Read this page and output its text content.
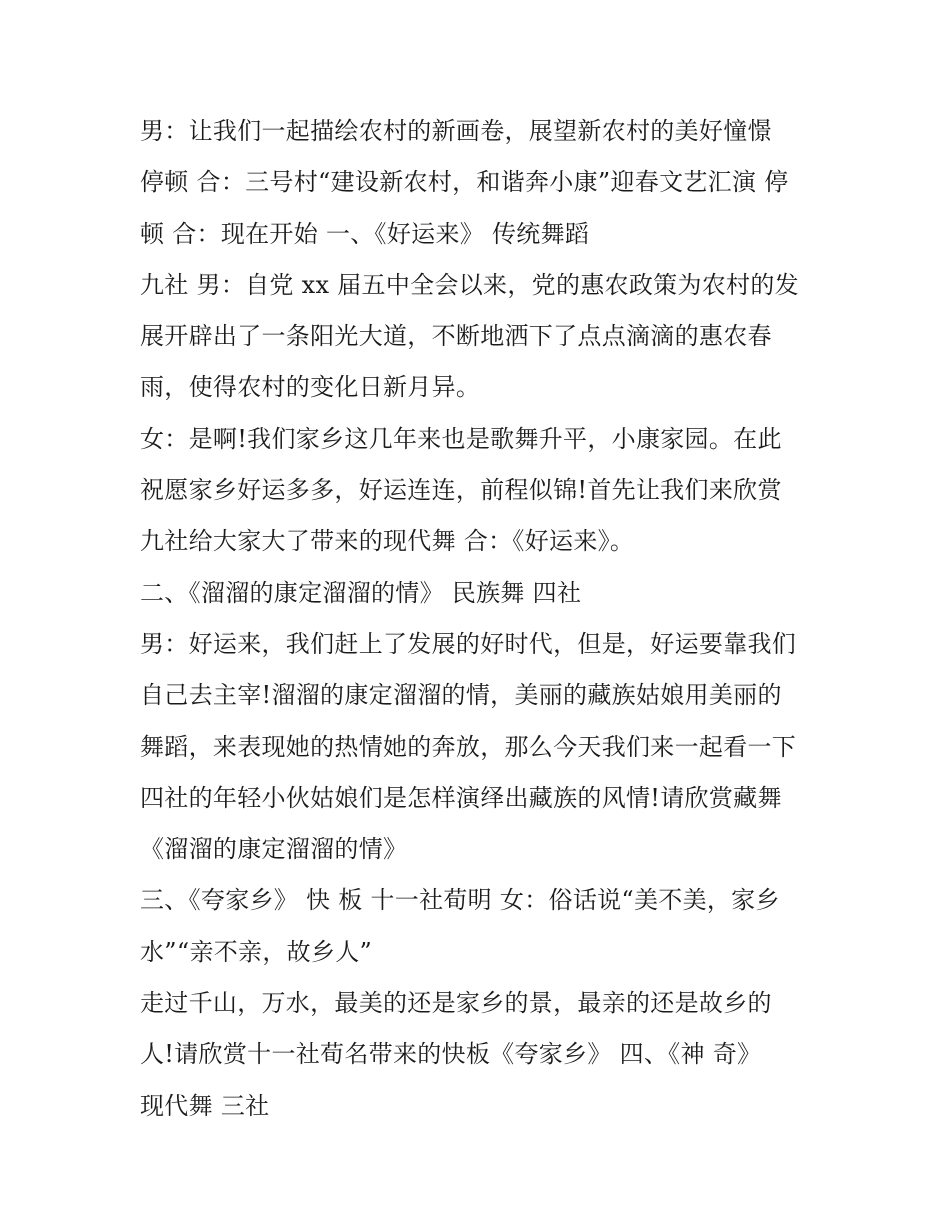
男：让我们一起描绘农村的新画卷，展望新农村的美好憧憬
停顿 合：三号村“建设新农村，和谐奔小康”迎春文艺汇演 停
顿 合：现在开始 一、《好运来》 传统舞蹈
九社 男：自党 xx 届五中全会以来，党的惠农政策为农村的发
展开辟出了一条阳光大道，不断地洒下了点点滴滴的惠农春
雨，使得农村的变化日新月异。
女：是啊!我们家乡这几年来也是歌舞升平，小康家园。在此
祝愿家乡好运多多，好运连连，前程似锦!首先让我们来欣赏
九社给大家大了带来的现代舞 合：《好运来》。
二、《溜溜的康定溜溜的情》 民族舞 四社
男：好运来，我们赶上了发展的好时代，但是，好运要靠我们
自己去主宰!溜溜的康定溜溜的情，美丽的藏族姑娘用美丽的
舞蹈，来表现她的热情她的奔放，那么今天我们来一起看一下
四社的年轻小伙姑娘们是怎样演绎出藏族的风情!请欣赏藏舞
《溜溜的康定溜溜的情》
三、《夸家乡》 快 板 十一社荀明 女：俗话说“美不美，家乡
水”“亲不亲，故乡人”
走过千山，万水，最美的还是家乡的景，最亲的还是故乡的
人!请欣赏十一社荀名带来的快板《夸家乡》 四、《神 奇》
现代舞 三社
